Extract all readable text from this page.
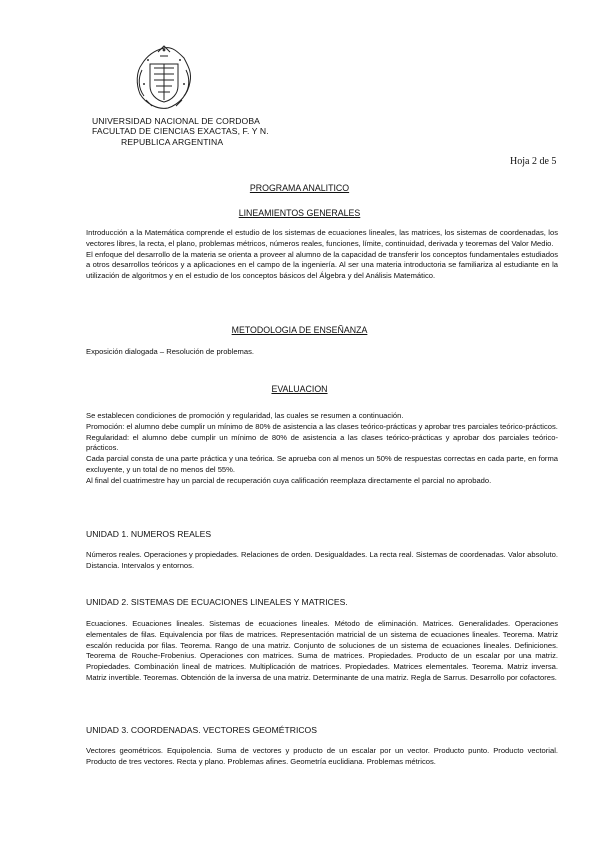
UNIVERSIDAD NACIONAL DE CORDOBA
FACULTAD DE CIENCIAS EXACTAS, F. Y N.
REPUBLICA ARGENTINA
Hoja 2 de 5
PROGRAMA ANALITICO
LINEAMIENTOS GENERALES

Introducción a la Matemática comprende el estudio de los sistemas de ecuaciones lineales, las matrices, los sistemas de coordenadas, los vectores libres, la recta, el plano, problemas métricos, números reales, funciones, límite, continuidad, derivada y teoremas del Valor Medio.

El enfoque del desarrollo de la materia se orienta a proveer al alumno de la capacidad de transferir los conceptos fundamentales estudiados a otros desarrollos teóricos y a aplicaciones en el campo de la ingeniería. Al ser una materia introductoria se familiariza al estudiante en la utilización de algoritmos y en el estudio de los conceptos básicos del Álgebra y del Análisis Matemático.

METODOLOGIA DE ENSEÑANZA

Exposición dialogada – Resolución de problemas.

EVALUACION

Se establecen condiciones de promoción y regularidad, las cuales se resumen a continuación.

Promoción: el alumno debe cumplir un mínimo de 80% de asistencia a las clases teórico-prácticas y aprobar tres parciales teórico-prácticos.

Regularidad: el alumno debe cumplir un mínimo de 80% de asistencia a las clases teórico-prácticas y aprobar dos parciales teórico-prácticos.

Cada parcial consta de una parte práctica y una teórica. Se aprueba con al menos un 50% de respuestas correctas en cada parte, en forma excluyente, y un total de no menos del 55%.

Al final del cuatrimestre hay un parcial de recuperación cuya calificación reemplaza directamente el parcial no aprobado.

UNIDAD 1. NUMEROS REALES
Números reales. Operaciones y propiedades. Relaciones de orden. Desigualdades. La recta real. Sistemas de coordenadas. Valor absoluto. Distancia. Intervalos y entornos.
UNIDAD 2. SISTEMAS DE ECUACIONES LINEALES Y MATRICES.
Ecuaciones. Ecuaciones lineales. Sistemas de ecuaciones lineales. Método de eliminación. Matrices. Generalidades. Operaciones elementales de filas. Equivalencia por filas de matrices. Representación matricial de un sistema de ecuaciones lineales. Teorema. Matriz escalón reducida por filas. Teorema. Rango de una matriz. Conjunto de soluciones de un sistema de ecuaciones lineales. Definiciones. Teorema de Rouche-Frobenius. Operaciones con matrices. Suma de matrices. Propiedades. Producto de un escalar por una matriz. Propiedades. Combinación lineal de matrices. Multiplicación de matrices. Propiedades. Matrices elementales. Teorema. Matriz inversa. Matriz invertible. Teoremas. Obtención de la inversa de una matriz. Determinante de una matriz. Regla de Sarrus. Desarrollo por cofactores.
UNIDAD 3. COORDENADAS. VECTORES GEOMÉTRICOS
Vectores geométricos. Equipolencia. Suma de vectores y producto de un escalar por un vector. Producto punto. Producto vectorial. Producto de tres vectores. Recta y plano. Problemas afines. Geometría euclidiana. Problemas métricos.
